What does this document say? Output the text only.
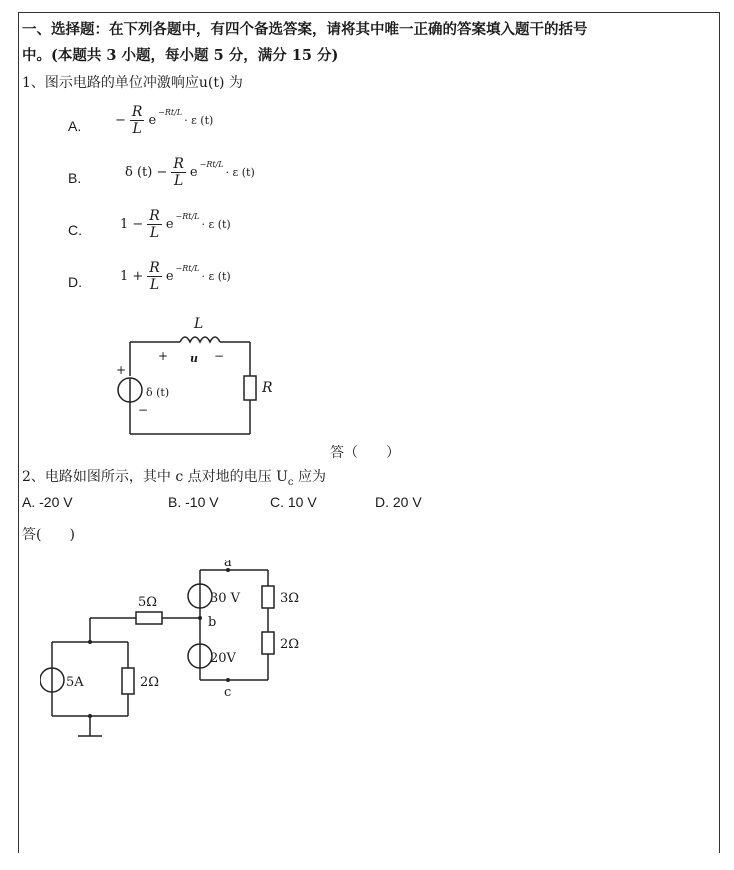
一、选择题：在下列各题中，有四个备选答案，请将其中唯一正确的答案填入题干的括号
中。(本题共 3 小题，每小题 5 分，满分 15 分)
1、图示电路的单位冲激响应u(t) 为
A.	− $\frac{R}{L}$ e
−Rt/L
· ε (t)
B.	δ $(t) - \frac{R}{L}$ e
−Rt/L
· ε (t)
C.	$1 - \frac{R}{L}$ e
−Rt/L
· ε (t)
D.	$1 + \frac{R}{L}$ e
−Rt/L
· ε (t)
L
R
+ u −
+
δ (t)
−
答（　　）
2、电路如图所示，其中 c 点对地的电压 $U_c$ 应为
A. -20 V	B. -10 V	C. 10 V	D. 20 V
答(　　)
a
b
c
30 V
20V
3Ω
2Ω
5Ω
5A	2Ω
